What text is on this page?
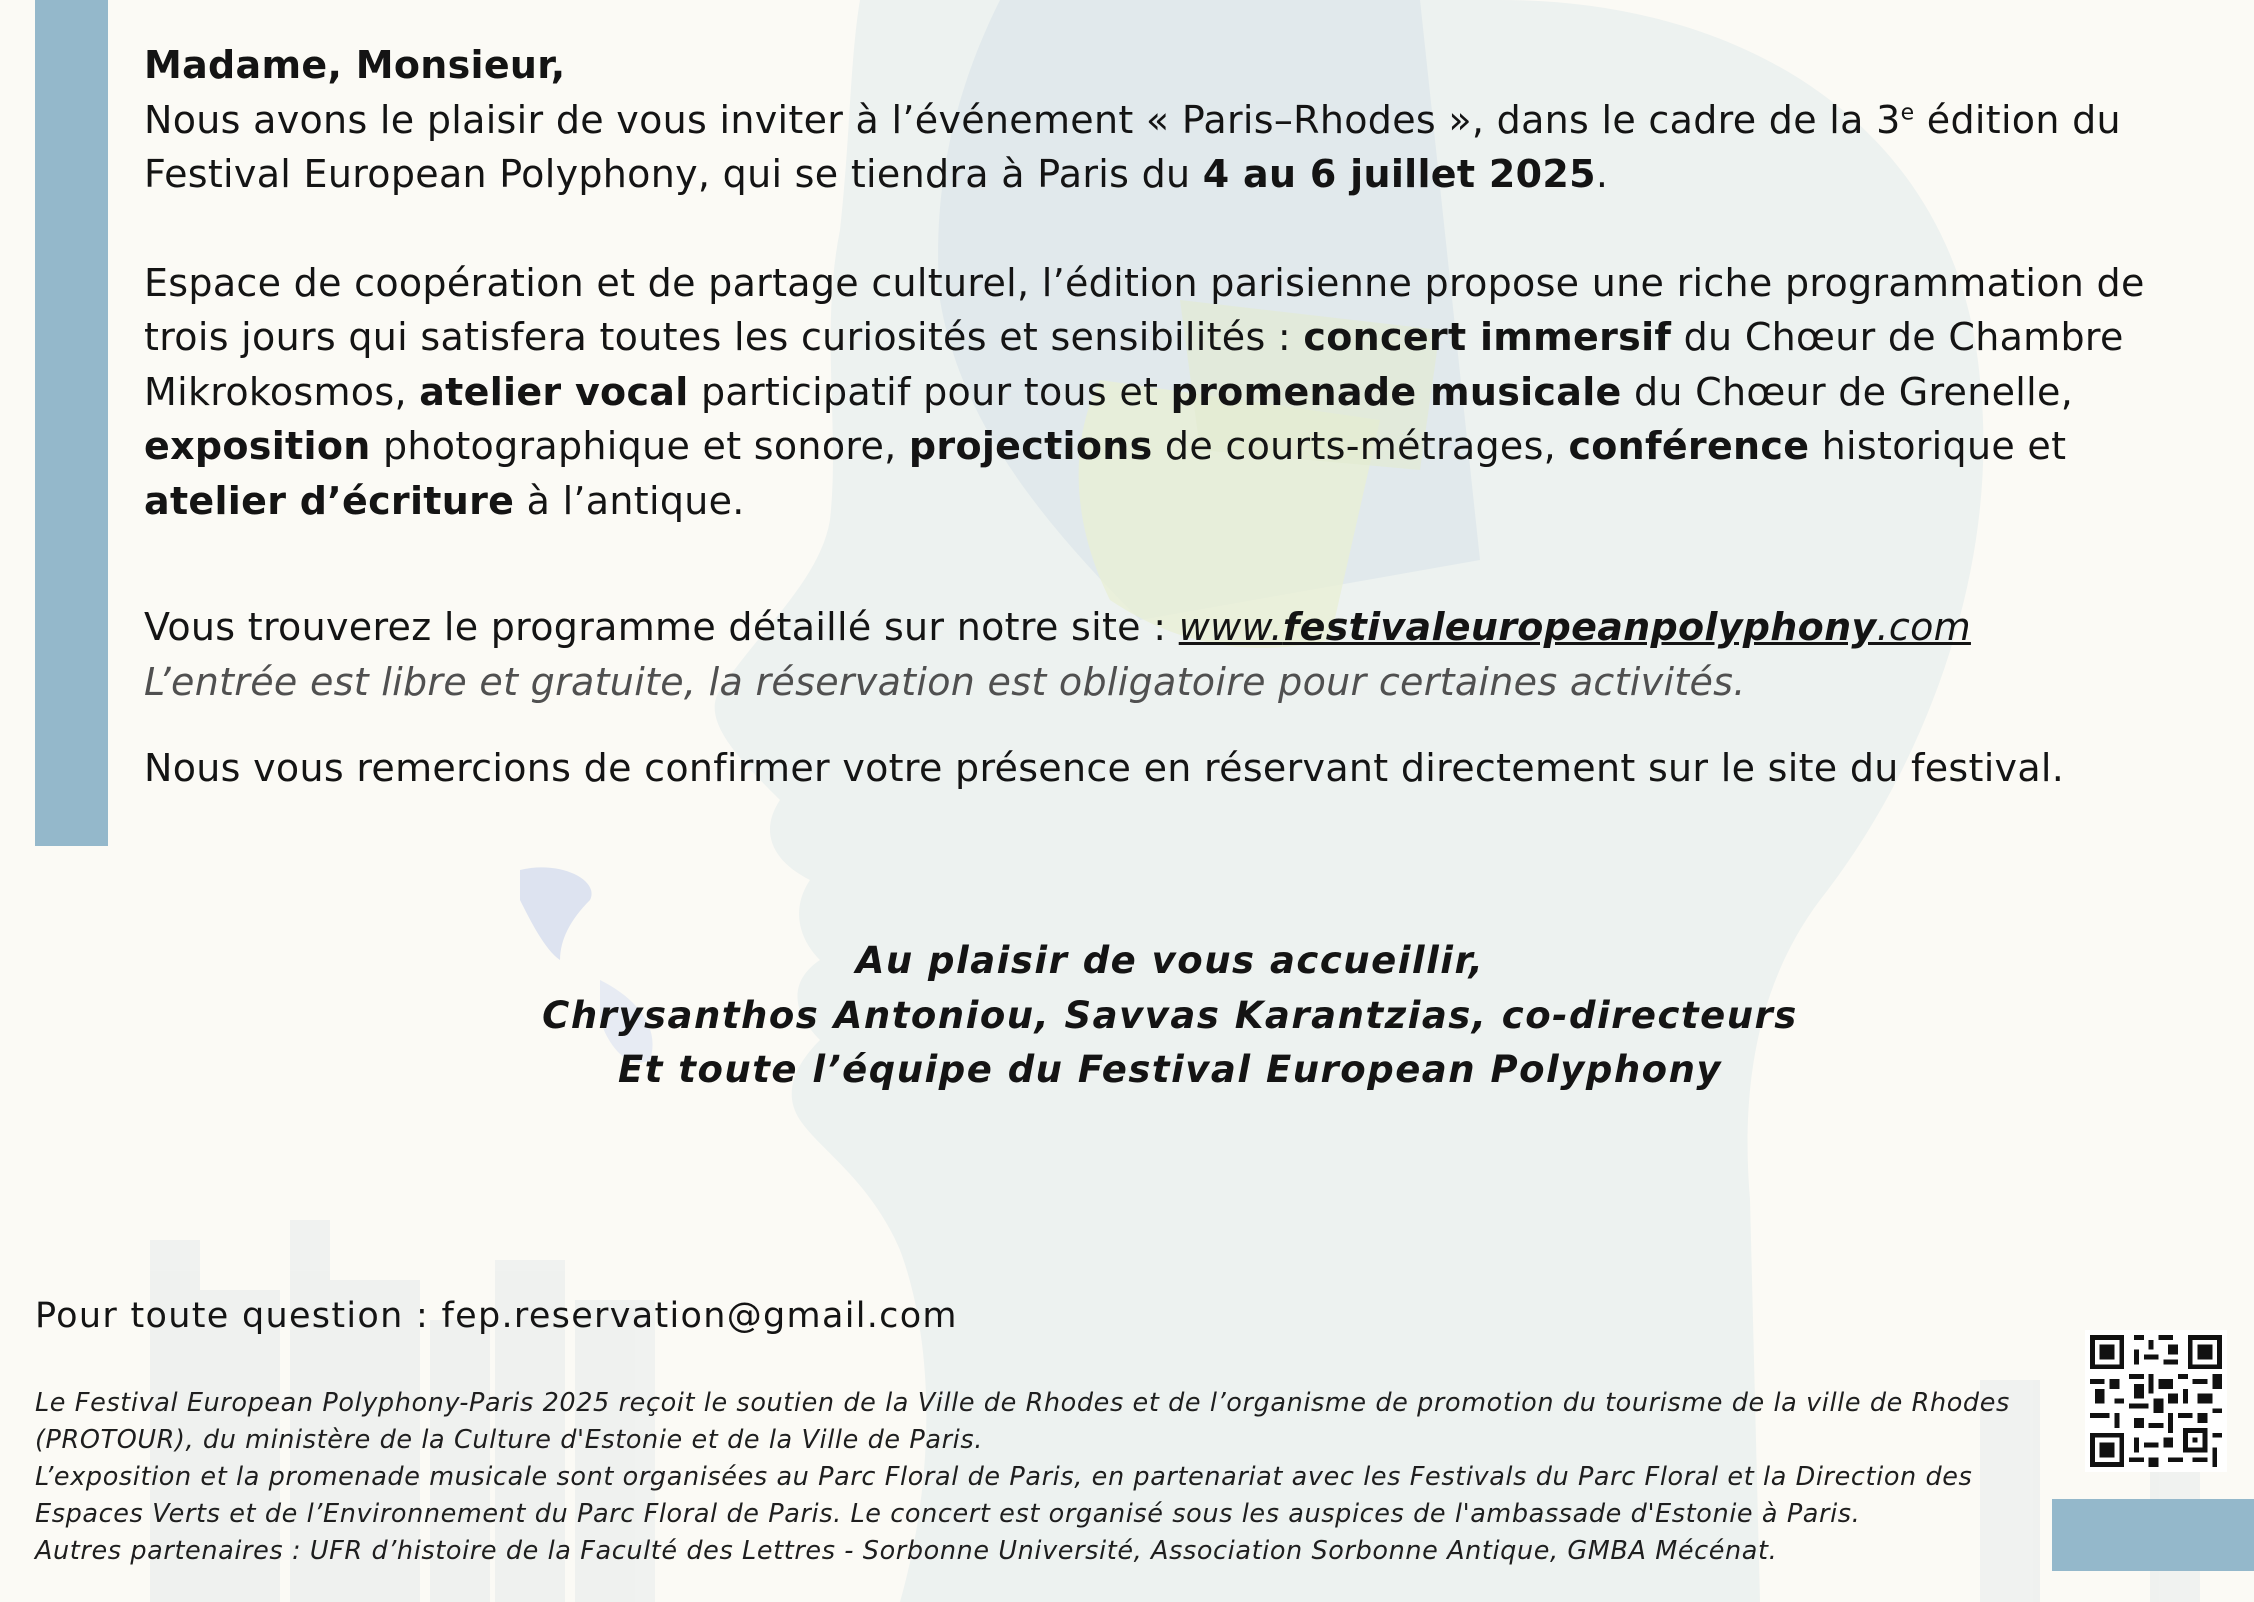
Madame, Monsieur,
Nous avons le plaisir de vous inviter à l’événement « Paris–Rhodes », dans le cadre de la 3e édition du Festival European Polyphony, qui se tiendra à Paris du 4 au 6 juillet 2025.

Espace de coopération et de partage culturel, l’édition parisienne propose une riche programmation de trois jours qui satisfera toutes les curiosités et sensibilités : concert immersif du Chœur de Chambre Mikrokosmos, atelier vocal participatif pour tous et promenade musicale du Chœur de Grenelle, exposition photographique et sonore, projections de courts-métrages, conférence historique et atelier d’écriture à l’antique.

Vous trouverez le programme détaillé sur notre site : www.festivaleuropeanpolyphony.com
L’entrée est libre et gratuite, la réservation est obligatoire pour certaines activités.

Nous vous remercions de confirmer votre présence en réservant directement sur le site du festival.

Au plaisir de vous accueillir,
Chrysanthos Antoniou, Savvas Karantzias, co-directeurs
Et toute l’équipe du Festival European Polyphony
Pour toute question : fep.reservation@gmail.com

Le Festival European Polyphony-Paris 2025 reçoit le soutien de la Ville de Rhodes et de l’organisme de promotion du tourisme de la ville de Rhodes (PROTOUR), du ministère de la Culture d'Estonie et de la Ville de Paris.

L’exposition et la promenade musicale sont organisées au Parc Floral de Paris, en partenariat avec les Festivals du Parc Floral et la Direction des Espaces Verts et de l’Environnement du Parc Floral de Paris. Le concert est organisé sous les auspices de l'ambassade d'Estonie à Paris.

Autres partenaires : UFR d’histoire de la Faculté des Lettres - Sorbonne Université, Association Sorbonne Antique, GMBA Mécénat.
